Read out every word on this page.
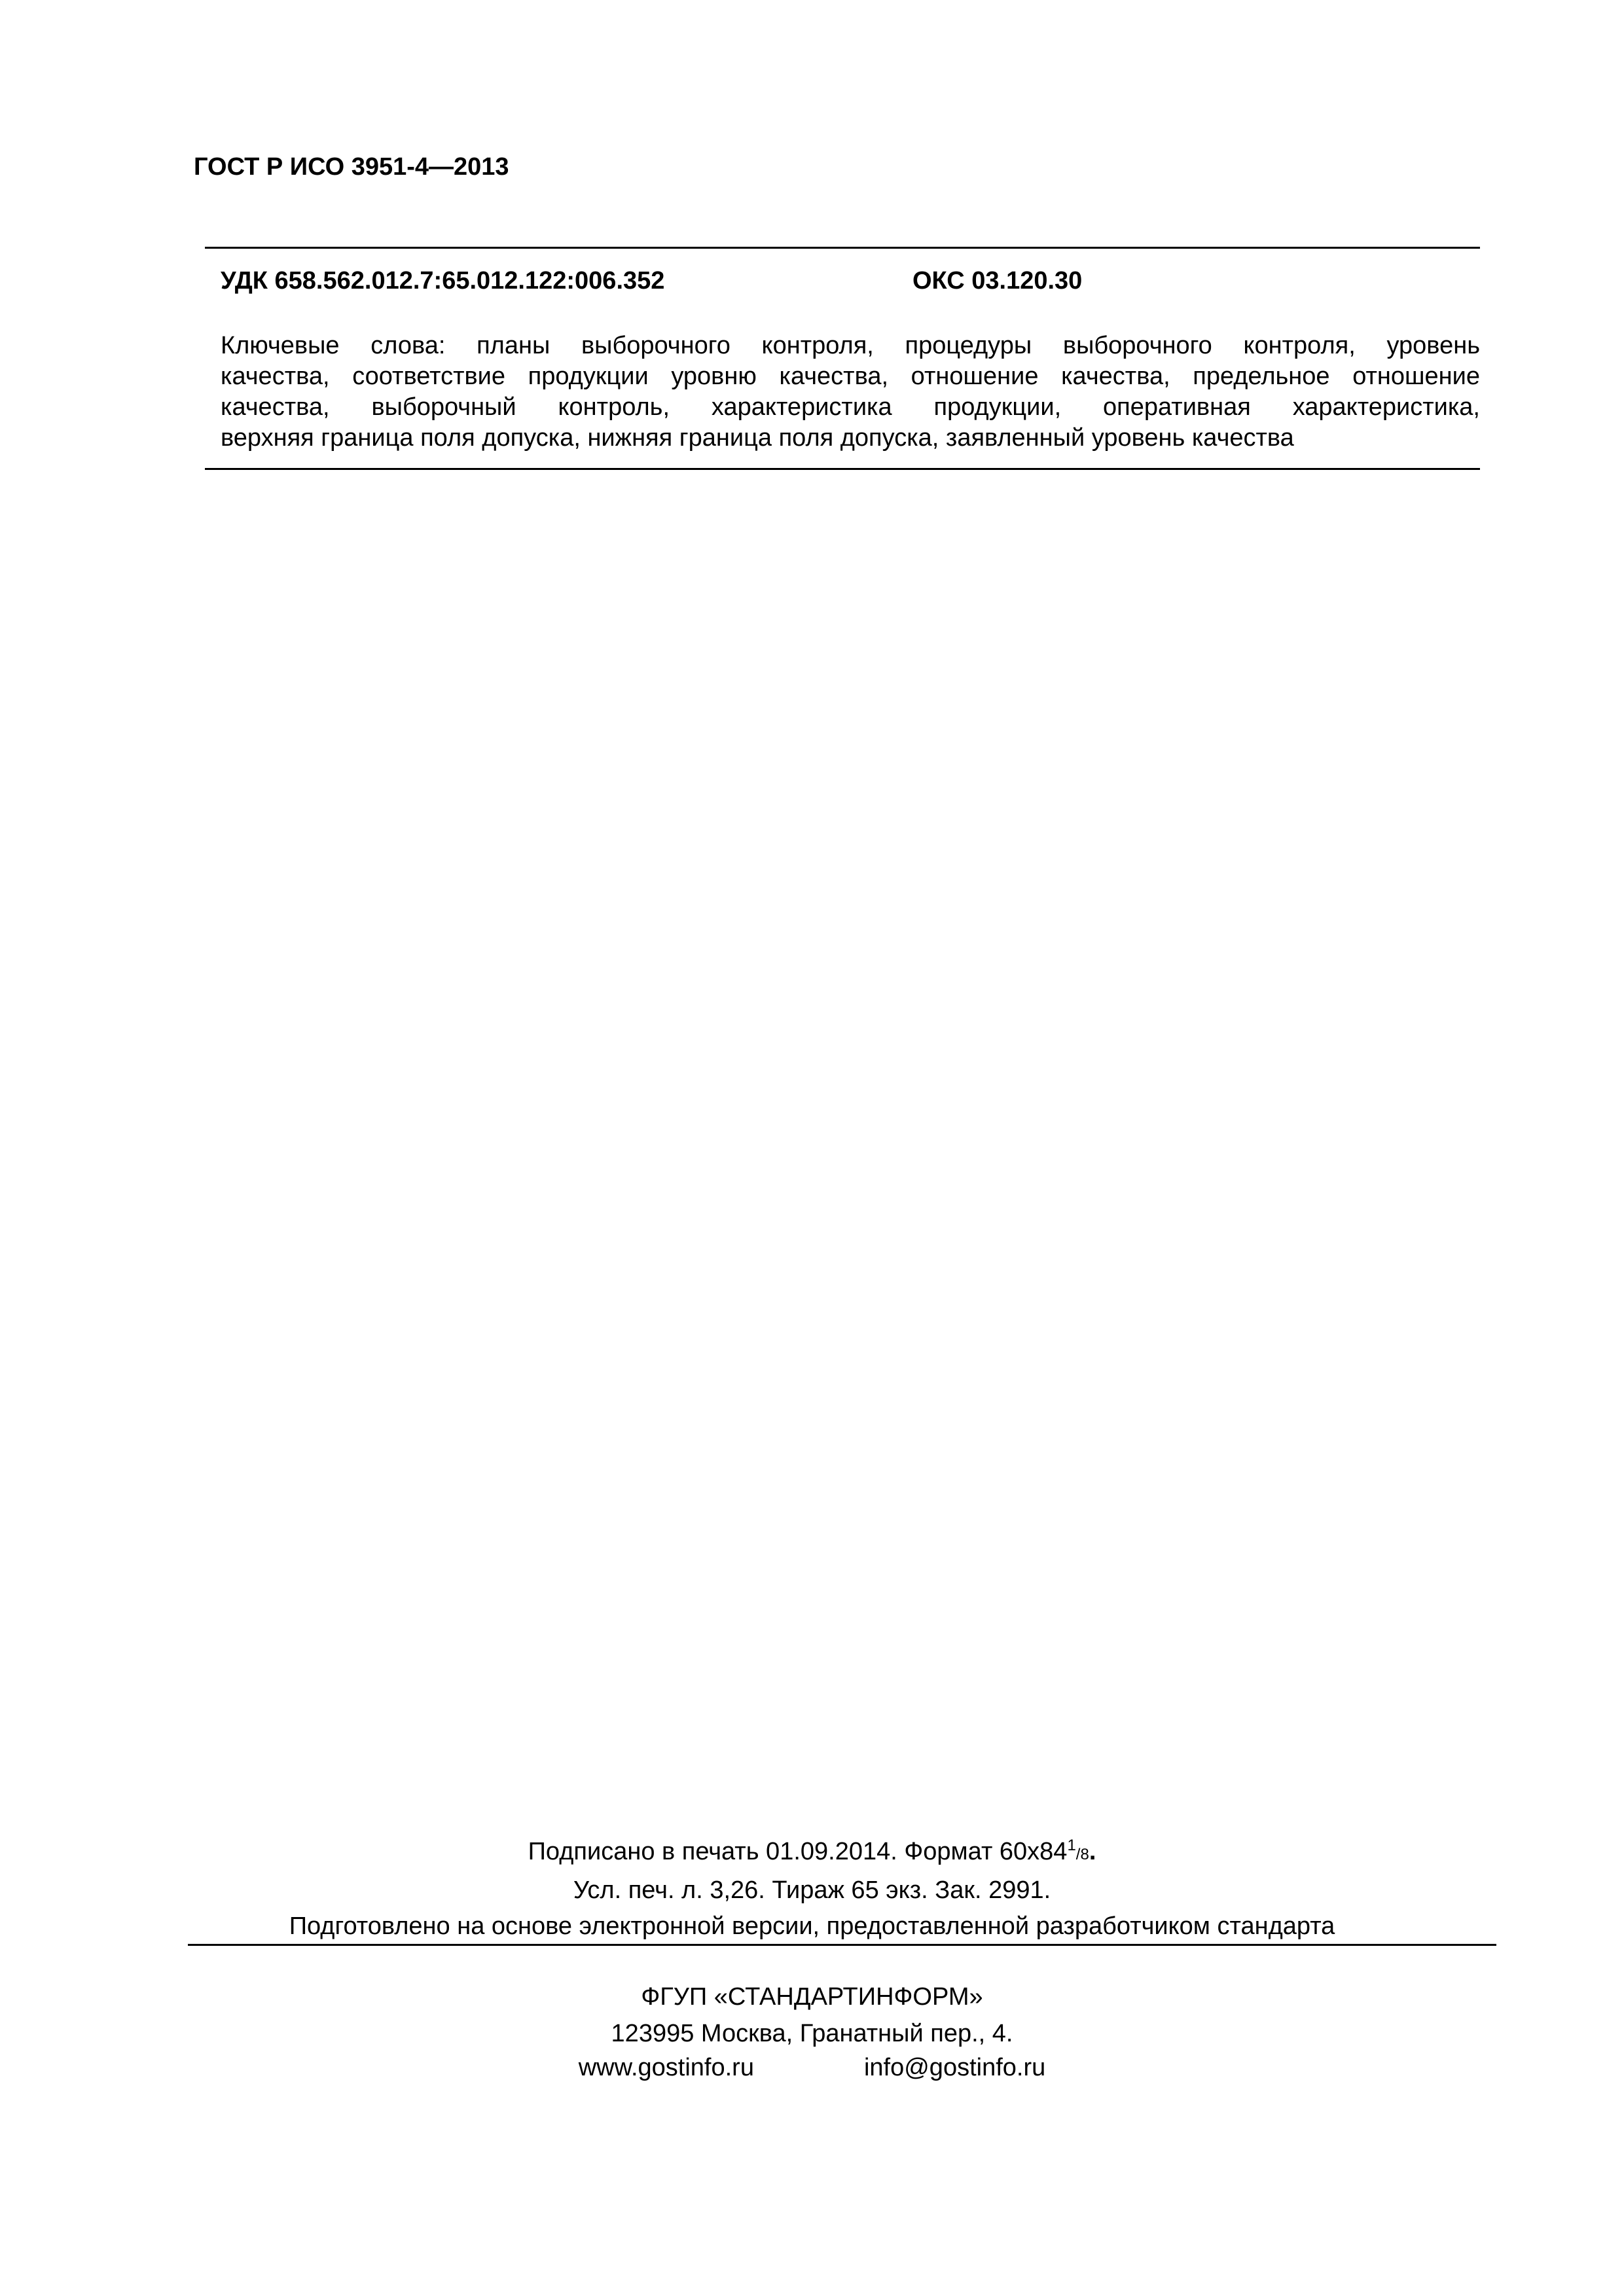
ГОСТ Р ИСО 3951-4—2013
УДК 658.562.012.7:65.012.122:006.352	ОКС 03.120.30
Ключевые слова: планы выборочного контроля, процедуры выборочного контроля, уровень
качества, соответствие продукции уровню качества, отношение качества, предельное отношение
качества, выборочный контроль, характеристика продукции, оперативная характеристика,
верхняя граница поля допуска, нижняя граница поля допуска, заявленный уровень качества
Подписано в печать 01.09.2014. Формат $60x84^1/8$.
Усл. печ. л. 3,26. Тираж 65 экз. Зак. 2991.
Подготовлено на основе электронной версии, предоставленной разработчиком стандарта
ФГУП «СТАНДАРТИНФОРМ»
123995 Москва, Гранатный пер., 4.
www.gostinfo.ru	info@gostinfo.ru
